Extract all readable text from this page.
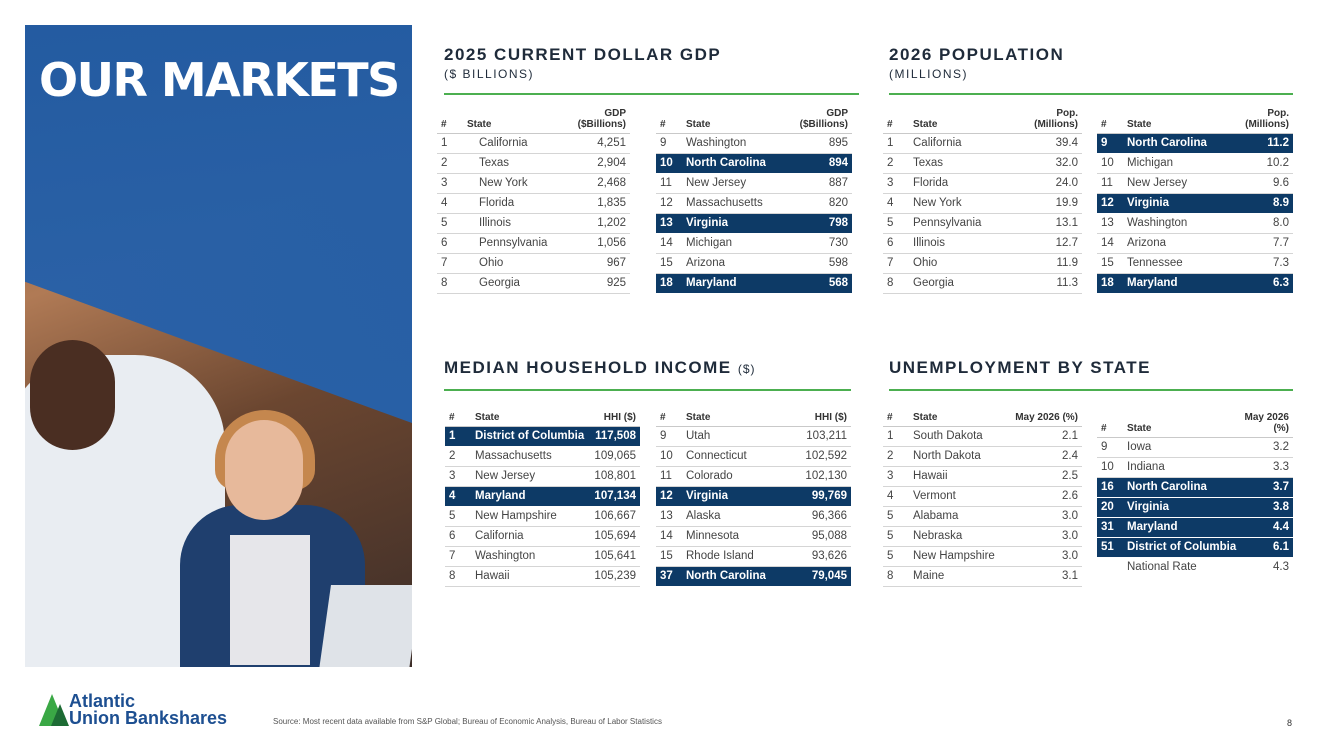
OUR MARKETS	2025 CURRENT DOLLAR GDP
($ BILLIONS)
#	State	GDP
($Billions)
1	California	4,251
2	Texas	2,904
3	New York	2,468
4	Florida	1,835
5	Illinois	1,202
6	Pennsylvania	1,056
7	Ohio	967
8	Georgia	925
#	State	GDP
($Billions)
9	Washington	895
10	North Carolina	894
11	New Jersey	887
12	Massachusetts	820
13	Virginia	798
14	Michigan	730
15	Arizona	598
18	Maryland	568
2026 POPULATION
(MILLIONS)
#	State	Pop.
(Millions)
1	California	39.4
2	Texas	32.0
3	Florida	24.0
4	New York	19.9
5	Pennsylvania	13.1
6	Illinois	12.7
7	Ohio	11.9
8	Georgia	11.3
#	State	Pop.
(Millions)
9	North Carolina	11.2
10	Michigan	10.2
11	New Jersey	9.6
12	Virginia	8.9
13	Washington	8.0
14	Arizona	7.7
15	Tennessee	7.3
18	Maryland	6.3
MEDIAN HOUSEHOLD INCOME ($)
#	State	HHI ($)
1	District of Columbia	117,508
2	Massachusetts	109,065
3	New Jersey	108,801
4	Maryland	107,134
5	New Hampshire	106,667
6	California	105,694
7	Washington	105,641
8	Hawaii	105,239
#	State	HHI ($)
9	Utah	103,211
10	Connecticut	102,592
11	Colorado	102,130
12	Virginia	99,769
13	Alaska	96,366
14	Minnesota	95,088
15	Rhode Island	93,626
37	North Carolina	79,045
UNEMPLOYMENT BY STATE
#	State	May 2026 (%)
1	South Dakota	2.1
2	North Dakota	2.4
3	Hawaii	2.5
4	Vermont	2.6
5	Alabama	3.0
5	Nebraska	3.0
5	New Hampshire	3.0
8	Maine	3.1
#	State	May 2026 (%)
9	Iowa	3.2
10	Indiana	3.3
16	North Carolina	3.7
20	Virginia	3.8
31	Maryland	4.4
51	District of Columbia	6.1
	National Rate	4.3
Atlantic
Union Bankshares	Source: Most recent data available from S&P Global; Bureau of Economic Analysis, Bureau of Labor Statistics	8
